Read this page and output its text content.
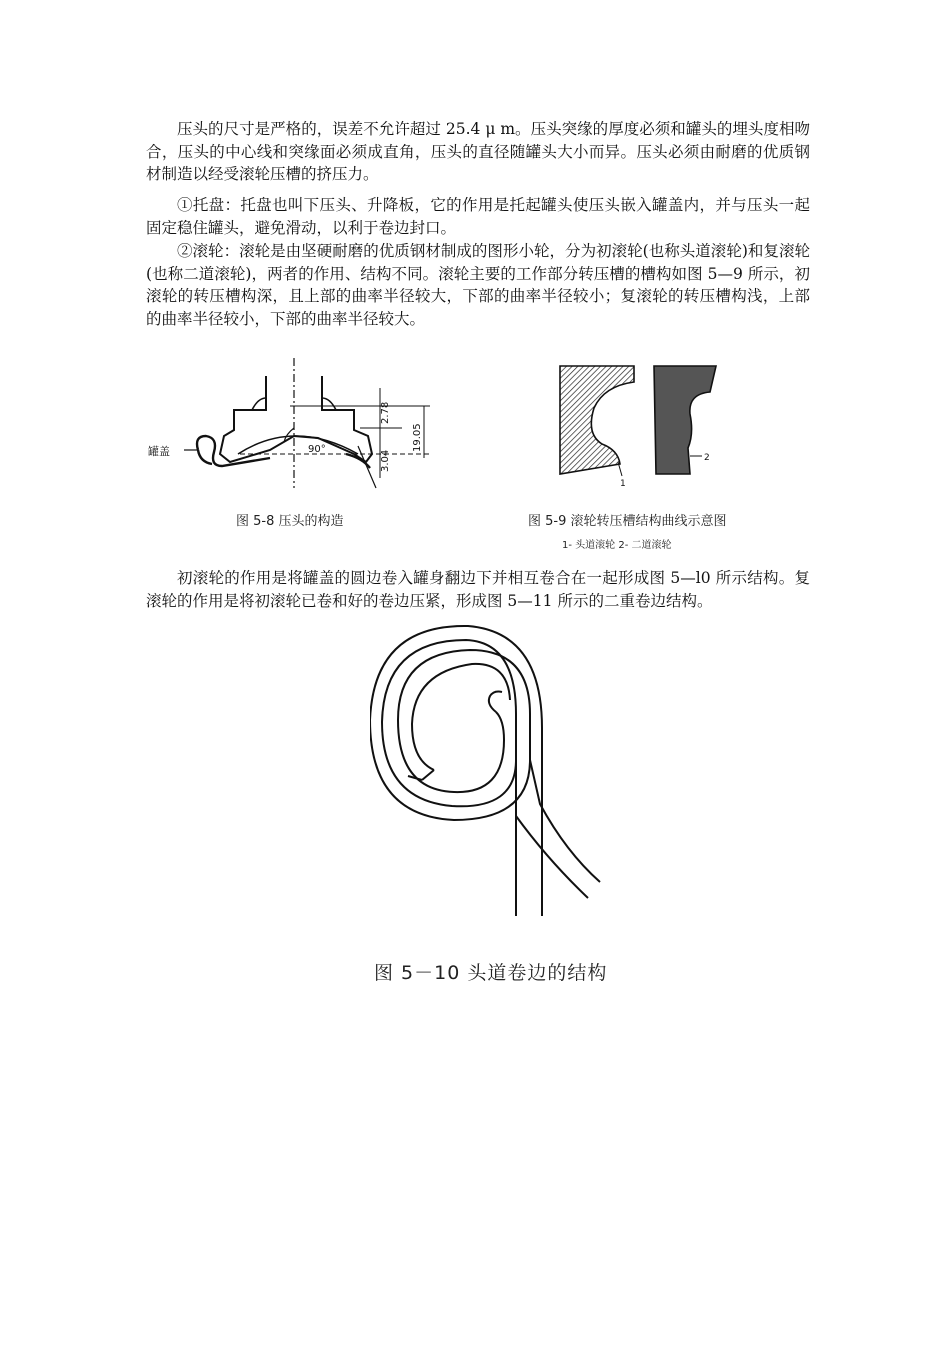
压头的尺寸是严格的，误差不允许超过 25.4 μ m。压头突缘的厚度必须和罐头的埋头度相吻合，压头的中心线和突缘面必须成直角，压头的直径随罐头大小而异。压头必须由耐磨的优质钢材制造以经受滚轮压槽的挤压力。

①托盘：托盘也叫下压头、升降板，它的作用是托起罐头使压头嵌入罐盖内，并与压头一起固定稳住罐头，避免滑动，以利于卷边封口。

②滚轮：滚轮是由坚硬耐磨的优质钢材制成的图形小轮，分为初滚轮(也称头道滚轮)和复滚轮(也称二道滚轮)，两者的作用、结构不同。滚轮主要的工作部分转压槽的槽构如图 5—9 所示，初滚轮的转压槽构深，且上部的曲率半径较大，下部的曲率半径较小；复滚轮的转压槽构浅，上部的曲率半径较小，下部的曲率半径较大。

罐盖	90°
2.78
3.04
19.05
图 5-8 压头的构造
1
2
图 5-9 滚轮转压槽结构曲线示意图
1- 头道滚轮 2- 二道滚轮

初滚轮的作用是将罐盖的圆边卷入罐身翻边下并相互卷合在一起形成图 5—l0 所示结构。复滚轮的作用是将初滚轮已卷和好的卷边压紧，形成图 5—11 所示的二重卷边结构。

图 5－10 头道卷边的结构
